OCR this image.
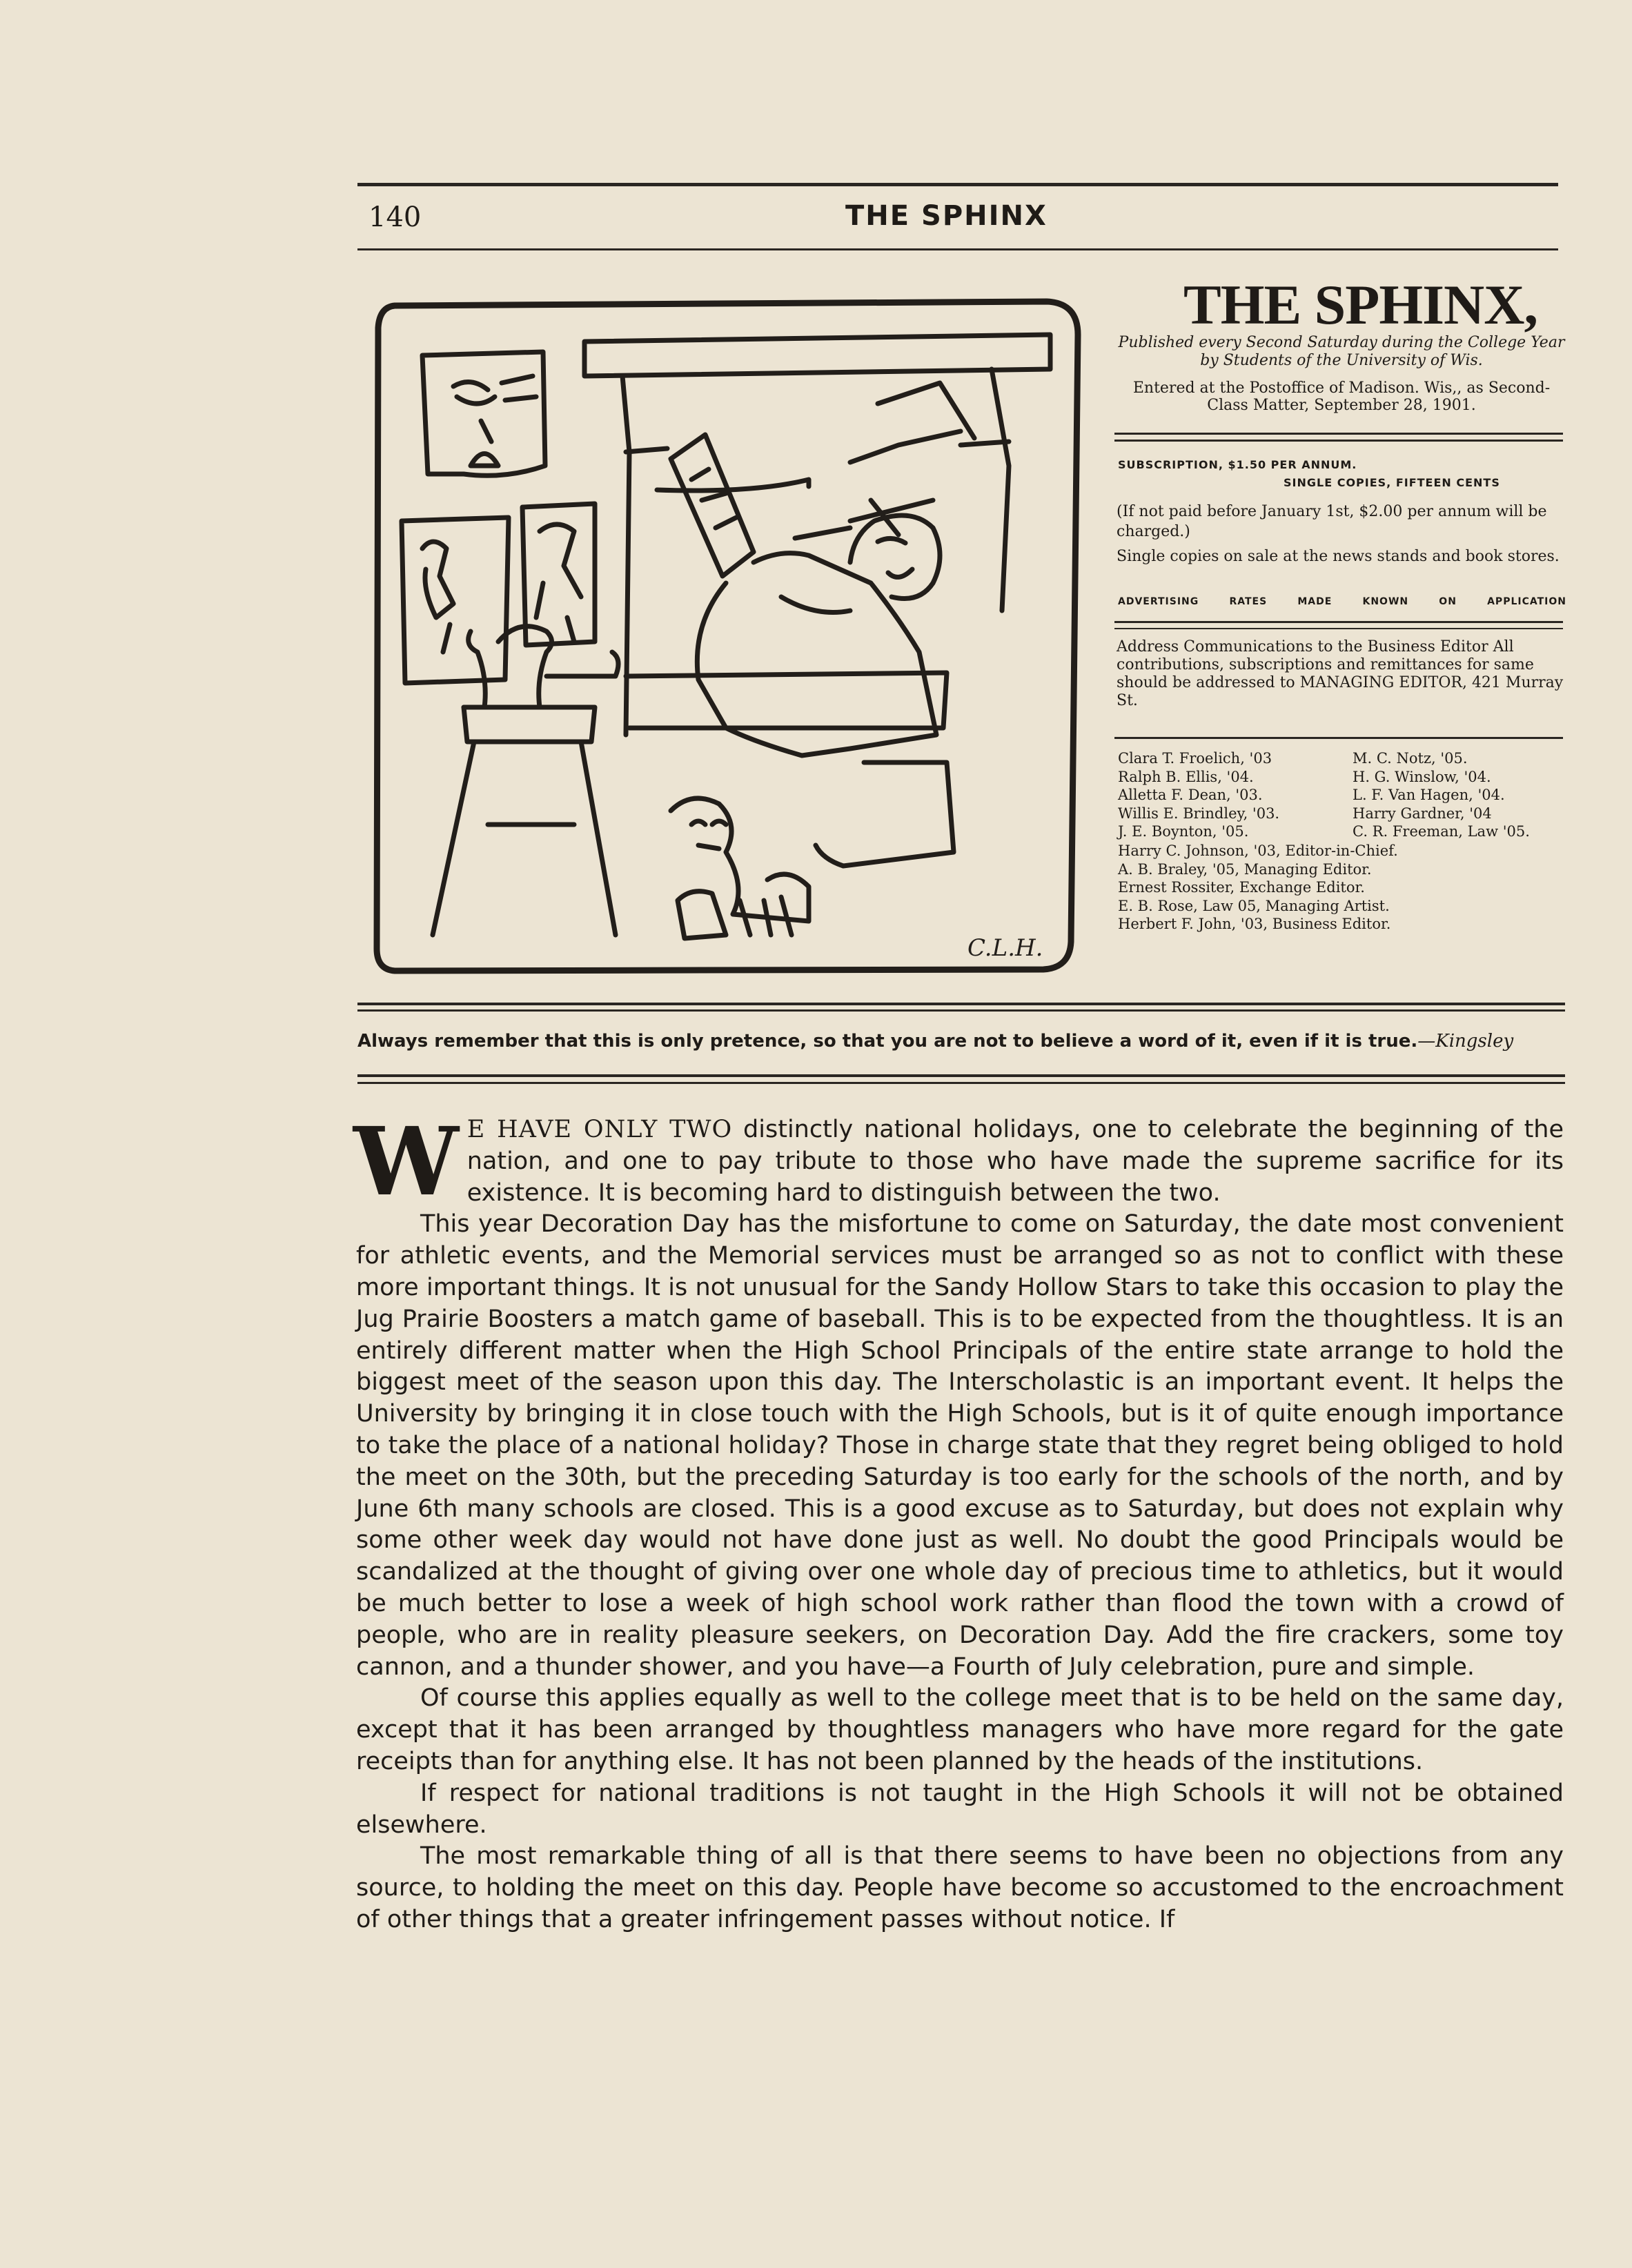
140	THE SPHINX
C.L.H.
THE SPHINX,
Published every Second Saturday during the College Year by Students of the University of Wis.
Entered at the Postoffice of Madison. Wis,, as Second-Class Matter, September 28, 1901.
SUBSCRIPTION, $1.50 PER ANNUM.
SINGLE COPIES, FIFTEEN CENTS
(If not paid before January 1st, $2.00 per annum will be charged.)
Single copies on sale at the news stands and book stores.
ADVERTISING RATES MADE KNOWN ON APPLICATION
Address Communications to the Business Editor All contributions, subscriptions and remittances for same should be addressed to MANAGING EDITOR, 421 Murray St.
Clara T. Froelich, '03
Ralph B. Ellis, '04.
Alletta F. Dean, '03.
Willis E. Brindley, '03.
J. E. Boynton, '05.
M. C. Notz, '05.
H. G. Winslow, '04.
L. F. Van Hagen, '04.
Harry Gardner, '04
C. R. Freeman, Law '05.
Harry C. Johnson, '03, Editor-in-Chief.
A. B. Braley, '05, Managing Editor.
Ernest Rossiter, Exchange Editor.
E. B. Rose, Law 05, Managing Artist.
Herbert F. John, '03, Business Editor.
Always remember that this is only pretence, so that you are not to believe a word of it, even if it is true.—Kingsley

W E HAVE ONLY TWO distinctly national holidays, one to celebrate the beginning of the nation, and one to pay tribute to those who have made the supreme sacrifice for its existence. It is becoming hard to distinguish between the two.

This year Decoration Day has the misfortune to come on Saturday, the date most convenient for athletic events, and the Memorial services must be arranged so as not to conflict with these more important things. It is not unusual for the Sandy Hollow Stars to take this occasion to play the Jug Prairie Boosters a match game of baseball. This is to be expected from the thoughtless. It is an entirely different matter when the High School Principals of the entire state arrange to hold the biggest meet of the season upon this day. The Interscholastic is an important event. It helps the University by bringing it in close touch with the High Schools, but is it of quite enough importance to take the place of a national holiday? Those in charge state that they regret being obliged to hold the meet on the 30th, but the preceding Saturday is too early for the schools of the north, and by June 6th many schools are closed. This is a good excuse as to Saturday, but does not explain why some other week day would not have done just as well. No doubt the good Principals would be scandalized at the thought of giving over one whole day of precious time to athletics, but it would be much better to lose a week of high school work rather than flood the town with a crowd of people, who are in reality pleasure seekers, on Decoration Day. Add the fire crackers, some toy cannon, and a thunder shower, and you have—a Fourth of July celebration, pure and simple.

Of course this applies equally as well to the college meet that is to be held on the same day, except that it has been arranged by thoughtless managers who have more regard for the gate receipts than for anything else. It has not been planned by the heads of the institutions.

If respect for national traditions is not taught in the High Schools it will not be obtained elsewhere.

The most remarkable thing of all is that there seems to have been no objections from any source, to holding the meet on this day. People have become so accustomed to the encroachment of other things that a greater infringement passes without notice. If
